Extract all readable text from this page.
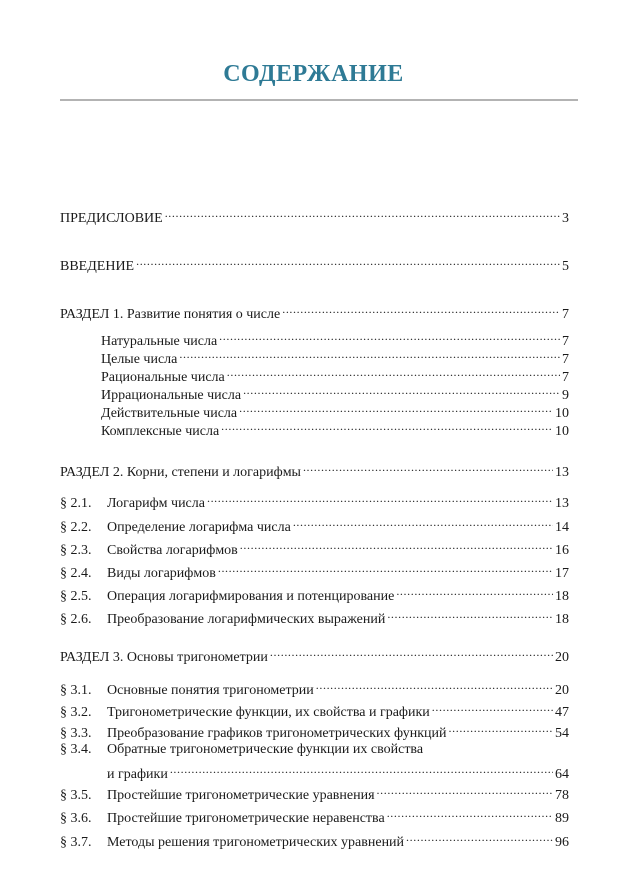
СОДЕРЖАНИЕ
ПРЕДИСЛОВИЕ .....	3
ВВЕДЕНИЕ .....	5
РАЗДЕЛ 1. Развитие понятия о числе .....	7
Натуральные числа .....	7
Целые числа .....	7
Рациональные числа .....	7
Иррациональные числа .....	9
Действительные числа .....	10
Комплексные числа .....	10
РАЗДЕЛ 2. Корни, степени и логарифмы .....	13
§ 2.1.	Логарифм числа .....	13
§ 2.2.	Определение логарифма числа .....	14
§ 2.3.	Свойства логарифмов .....	16
§ 2.4.	Виды логарифмов .....	17
§ 2.5.	Операция логарифмирования и потенцирование .....	18
§ 2.6.	Преобразование логарифмических выражений .....	18
РАЗДЕЛ 3. Основы тригонометрии .....	20
§ 3.1.	Основные понятия тригонометрии .....	20
§ 3.2.	Тригонометрические функции, их свойства и графики .....	47
§ 3.3.	Преобразование графиков тригонометрических функций .....	54
§ 3.4. Обратные тригонометрические функции их свойства
и графики .....	64
§ 3.5.	Простейшие тригонометрические уравнения .....	78
§ 3.6.	Простейшие тригонометрические неравенства .....	89
§ 3.7.	Методы решения тригонометрических уравнений .....	96
